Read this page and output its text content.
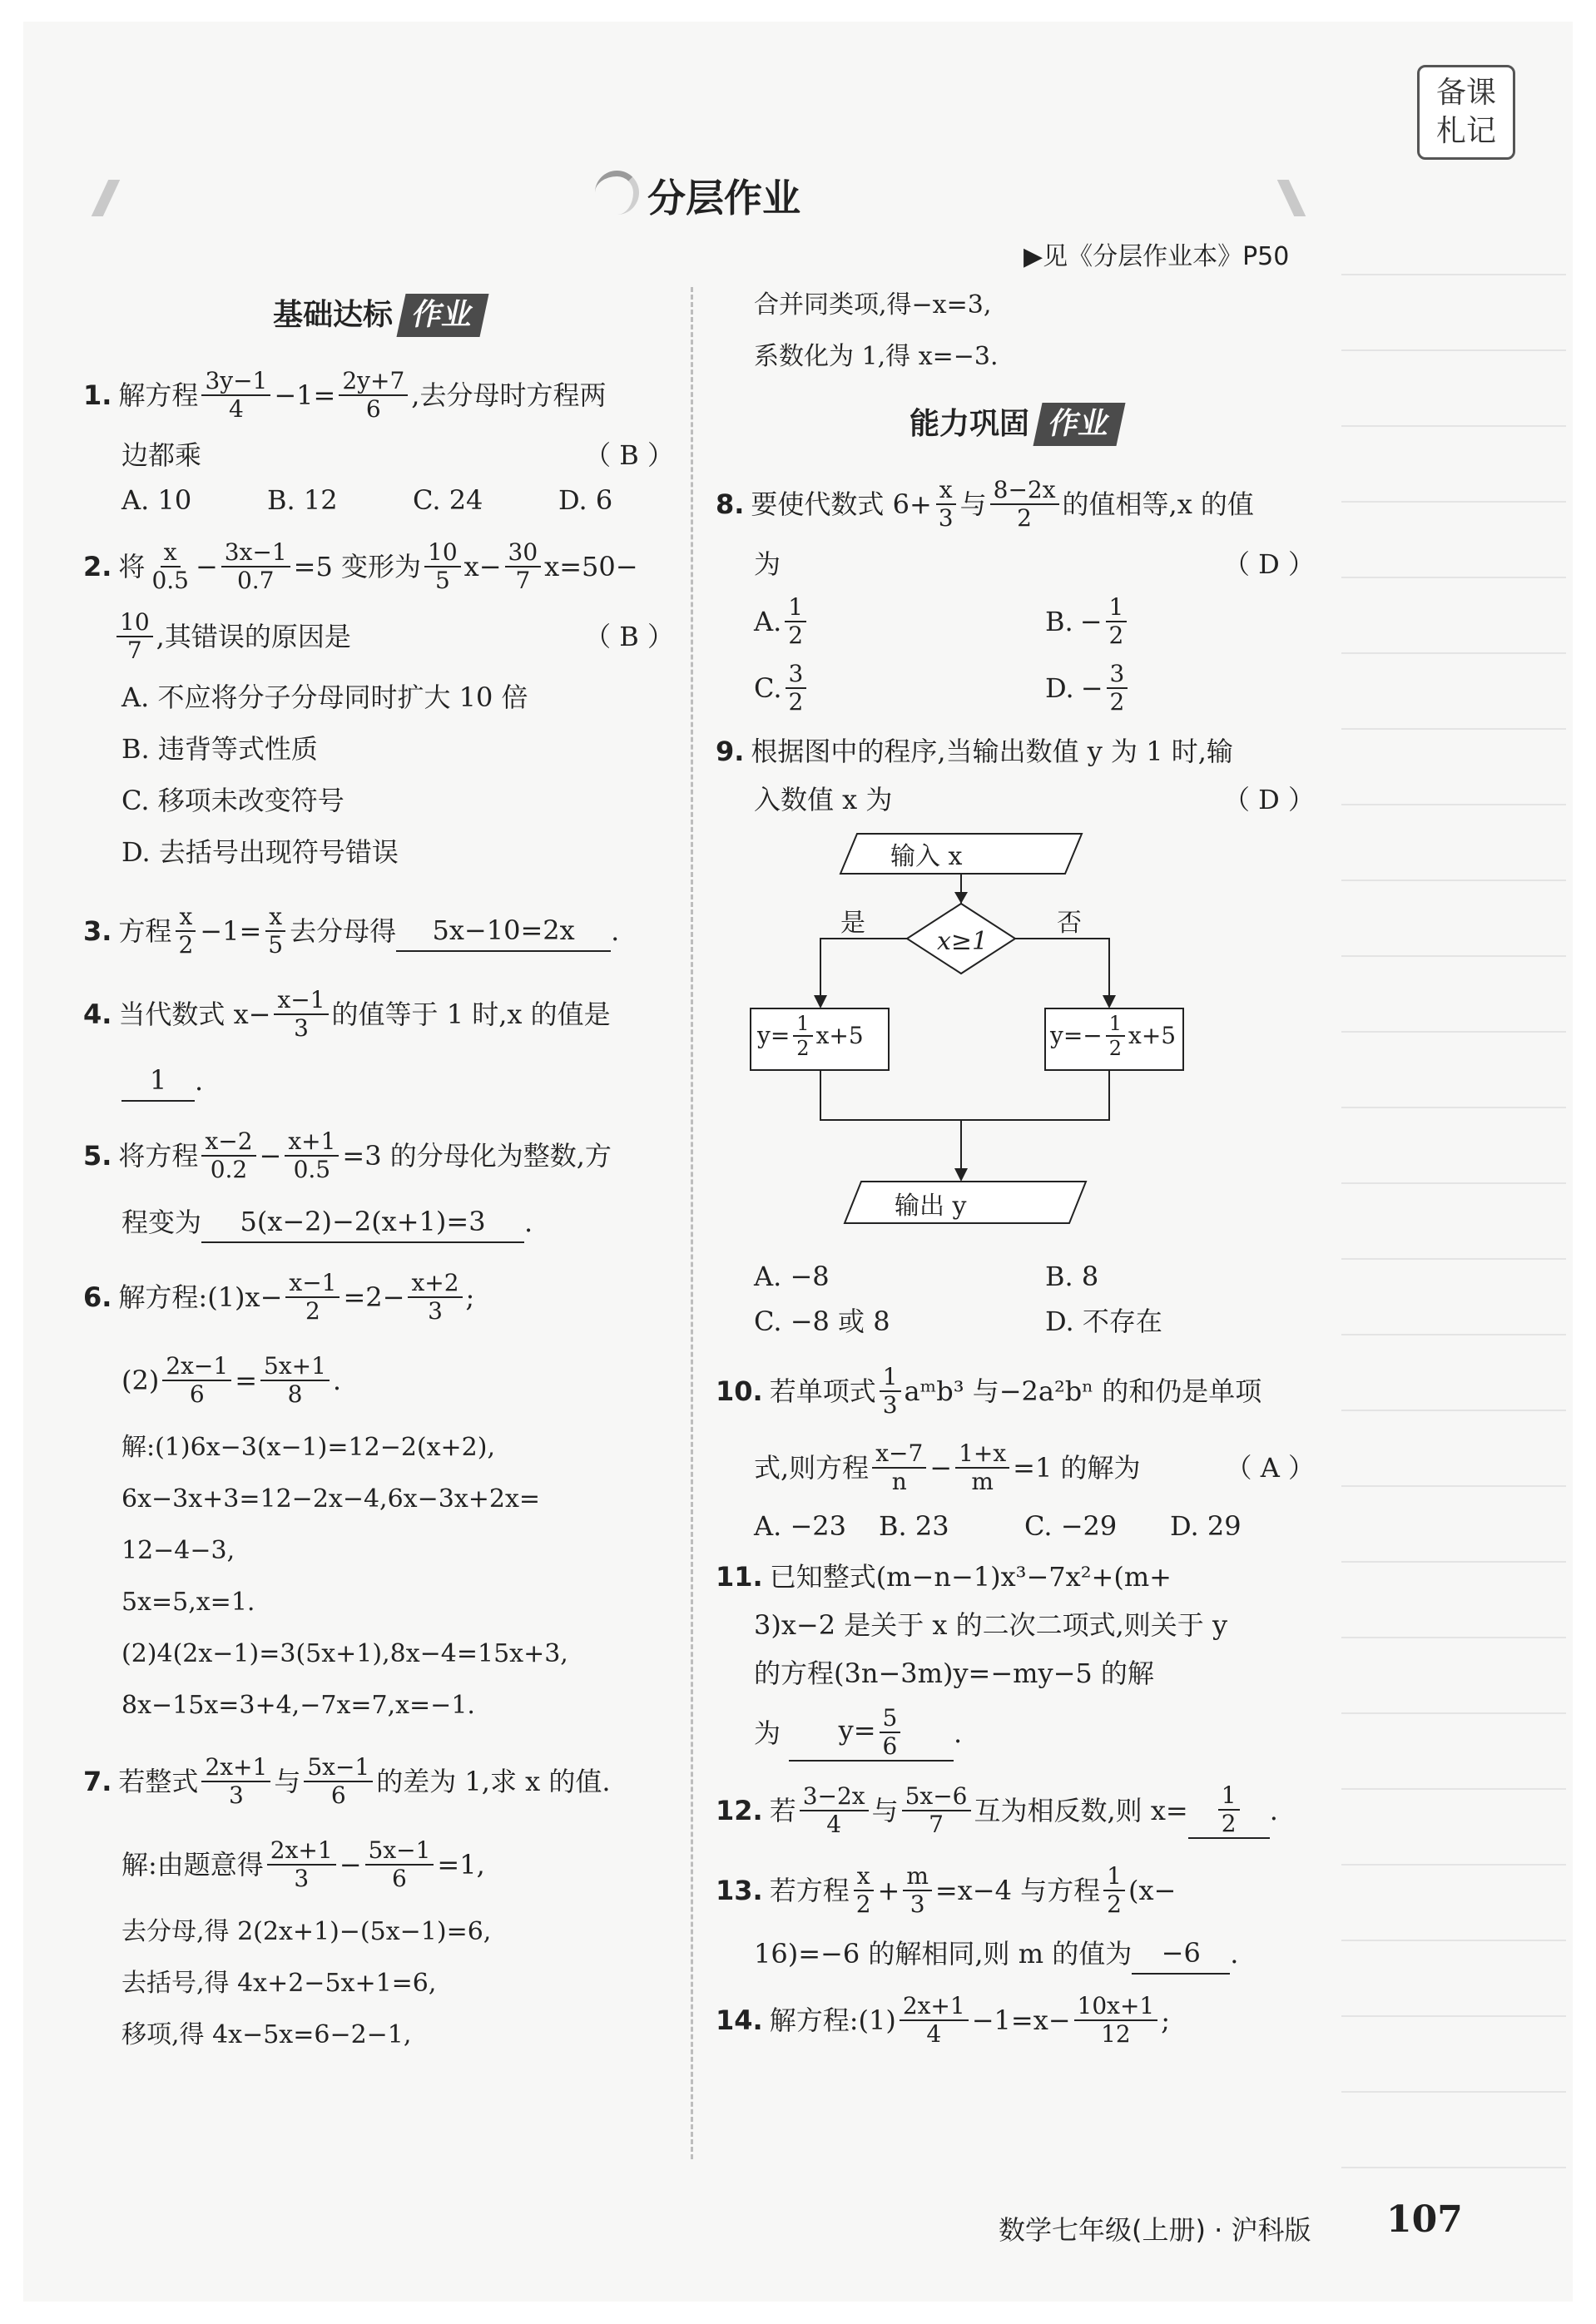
备课
札记
分层作业
▶见《分层作业本》P50
基础达标 作业
1. 解方程 $\frac{3y-1}{4} -1= \frac{2y+7}{6}$ ,去分母时方程两
边都乘	（ B ）
A. 10	B. 12	C. 24	D. 6
2. 将 $\frac{x}{0.5} - \frac{3x-1}{0.7} =5$ 变形为 $\frac{10}{5} x- \frac{30}{7} x=50-$
$\frac{10}{7}$ ,其错误的原因是	（ B ）
A. 不应将分子分母同时扩大 10 倍
B. 违背等式性质
C. 移项未改变符号
D. 去括号出现符号错误
3. 方程 $\frac{x}{2} -1= \frac{x}{5}$ 去分母得	5x−10=2x	.
4. 当代数式 $x- \frac{x-1}{3}$ 的值等于 1 时,x 的值是
1	.
5. 将方程 $\frac{x-2}{0.2} - \frac{x+1}{0.5} =3$ 的分母化为整数,方
程变为	5(x−2)−2(x+1)=3	.
6. 解方程:(1)x− $\frac{x-1}{2} =2- \frac{x+2}{3}$ ;
$(2) \frac{2x-1}{6} = \frac{5x+1}{8}$ .
解:(1)6x−3(x−1)=12−2(x+2),
6x−3x+3=12−2x−4,6x−3x+2x=
12−4−3,
5x=5,x=1.
(2)4(2x−1)=3(5x+1),8x−4=15x+3,
8x−15x=3+4,−7x=7,x=−1.
7. 若整式 $\frac{2x+1}{3}$ 与 $\frac{5x-1}{6}$ 的差为 1,求 x 的值.
解:由题意得 $\frac{2x+1}{3} - \frac{5x-1}{6} =1$,
去分母,得 2(2x+1)−(5x−1)=6,
去括号,得 4x+2−5x+1=6,
移项,得 4x−5x=6−2−1,
合并同类项,得−x=3,
系数化为 1,得 x=−3.
能力巩固 作业
8. 要使代数式 $6+ \frac{x}{3}$ 与 $\frac{8-2x}{2}$ 的值相等,x 的值
为	（ D ）
A. $\frac{1}{2}$	B. − $\frac{1}{2}$
C. $\frac{3}{2}$	D. − $\frac{3}{2}$
9. 根据图中的程序,当输出数值 y 为 1 时,输
入数值 x 为	（ D ）
输入 x
x≥1
是	否
$y= \frac{1}{2} x+5$	$y=- \frac{1}{2} x+5$
输出 y
A. −8	B. 8
C. −8 或 8	D. 不存在
10. 若单项式 $\frac{1}{3}$ aᵐb³ 与−2a²bⁿ 的和仍是单项
式,则方程 $\frac{x-7}{n} - \frac{1+x}{m} =1$ 的解为	（ A ）
A. −23	B. 23	C. −29	D. 29
11. 已知整式(m−n−1)x³−7x²+(m+
3)x−2 是关于 x 的二次二项式,则关于 y
的方程(3n−3m)y=−my−5 的解
为	$y= \frac{5}{6}$ .
12. 若 $\frac{3-2x}{4}$ 与 $\frac{5x-6}{7}$ 互为相反数,则 $x= \frac{1}{2}$ .
13. 若方程 $\frac{x}{2} + \frac{m}{3} =x-4$ 与方程 $\frac{1}{2} (x-$
16)=−6 的解相同,则 m 的值为	−6	.
14. 解方程:(1) $\frac{2x+1}{4} -1=x- \frac{10x+1}{12}$ ;
数学七年级(上册) · 沪科版 107
